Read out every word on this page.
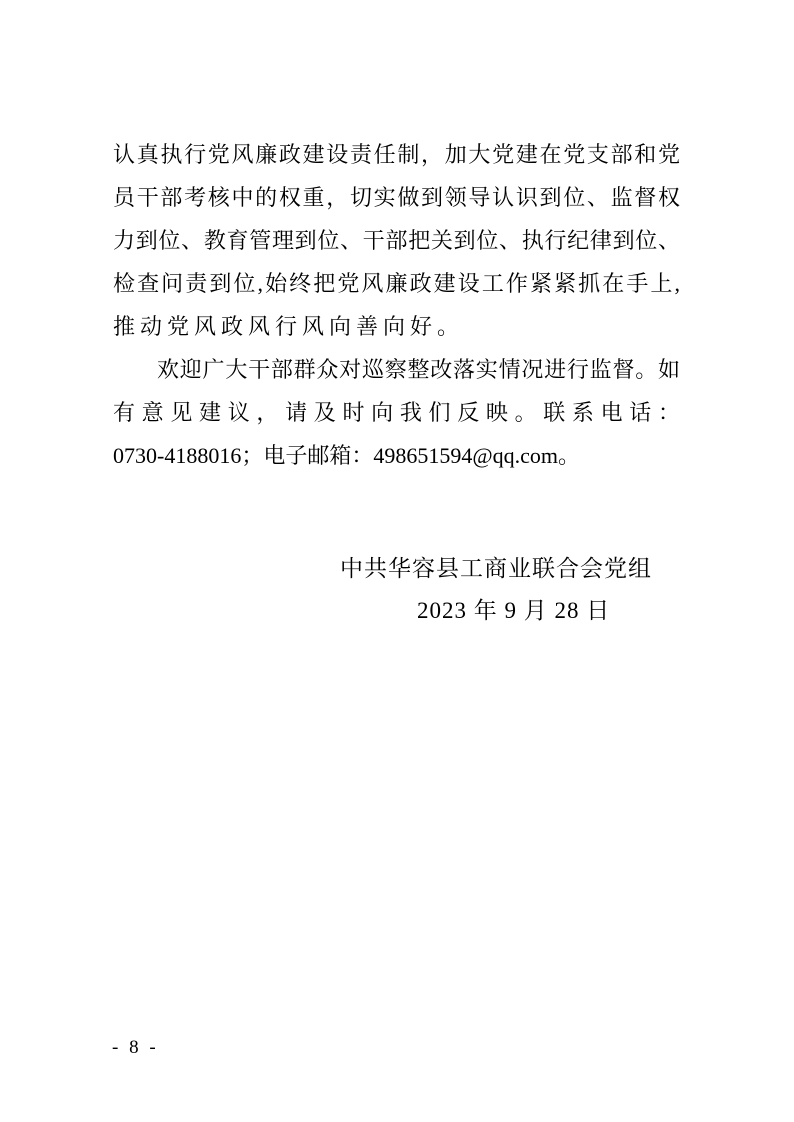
认真执行党风廉政建设责任制，加大党建在党支部和党
员干部考核中的权重，切实做到领导认识到位、监督权
力到位、教育管理到位、干部把关到位、执行纪律到位、
检查问责到位,始终把党风廉政建设工作紧紧抓在手上,
推动党风政风行风向善向好。
欢迎广大干部群众对巡察整改落实情况进行监督。如
有意见建议，请及时向我们反映。联系电话：
0730-4188016；电子邮箱：498651594@qq.com。
中共华容县工商业联合会党组
2023 年 9 月 28 日
- 8 -
